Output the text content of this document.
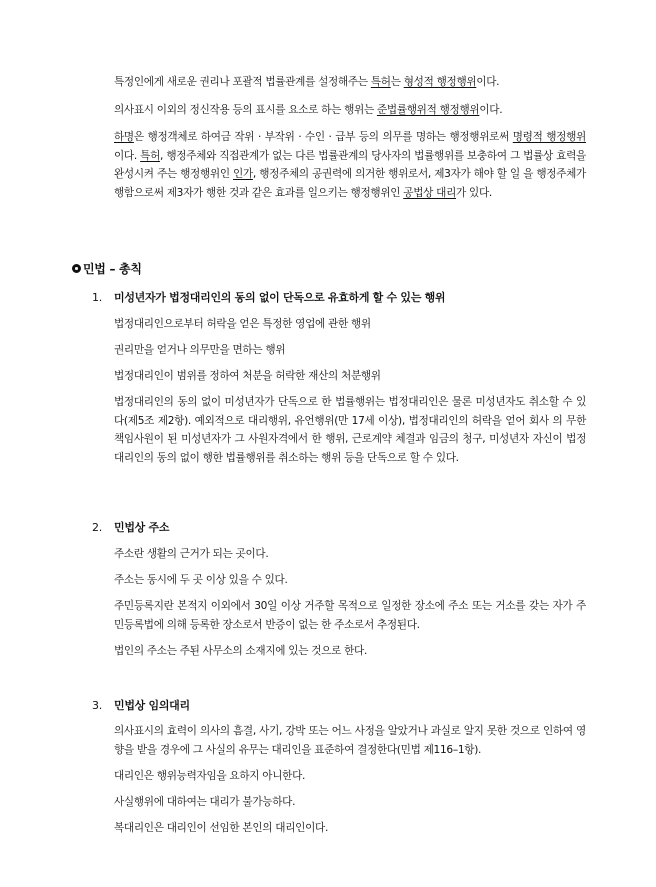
특정인에게 새로운 권리나 포괄적 법률관계를 설정해주는 특허는 형성적 행정행위이다.
의사표시 이외의 정신작용 등의 표시를 요소로 하는 행위는 준법률행위적 행정행위이다.
하명은 행정객체로 하여금 작위 · 부작위 · 수인 · 급부 등의 의무를 명하는 행정행위로써 명령적 행정행위 이다. 특허, 행정주체와 직접관계가 없는 다른 법률관계의 당사자의 법률행위를 보충하여 그 법률상 효력을 완성시켜 주는 행정행위인 인가, 행정주체의 공권력에 의거한 행위로서, 제3자가 해야 할 일 을 행정주체가 행함으로써 제3자가 행한 것과 같은 효과를 일으키는 행정행위인 공법상 대리가 있다.
민법 – 총칙
1. 미성년자가 법정대리인의 동의 없이 단독으로 유효하게 할 수 있는 행위
법정대리인으로부터 허락을 얻은 특정한 영업에 관한 행위
권리만을 얻거나 의무만을 면하는 행위
법정대리인이 범위를 정하여 처분을 허락한 재산의 처분행위
법정대리인의 동의 없이 미성년자가 단독으로 한 법률행위는 법정대리인은 물론 미성년자도 취소할 수 있다(제5조 제2항). 예외적으로 대리행위, 유언행위(만 17세 이상), 법정대리인의 허락을 얻어 회사 의 무한책임사원이 된 미성년자가 그 사원자격에서 한 행위, 근로계약 체결과 임금의 청구, 미성년자 자신이 법정대리인의 동의 없이 행한 법률행위를 취소하는 행위 등을 단독으로 할 수 있다.
2. 민법상 주소
주소란 생활의 근거가 되는 곳이다.
주소는 동시에 두 곳 이상 있을 수 있다.
주민등록지란 본적지 이외에서 30일 이상 거주할 목적으로 일정한 장소에 주소 또는 거소를 갖는 자가 주민등록법에 의해 등록한 장소로서 반증이 없는 한 주소로서 추정된다.
법인의 주소는 주된 사무소의 소재지에 있는 것으로 한다.
3. 민법상 임의대리
의사표시의 효력이 의사의 흠결, 사기, 강박 또는 어느 사정을 알았거나 과실로 알지 못한 것으로 인하여 영향을 받을 경우에 그 사실의 유무는 대리인을 표준하여 결정한다(민법 제116–1항).
대리인은 행위능력자임을 요하지 아니한다.
사실행위에 대하여는 대리가 불가능하다.
복대리인은 대리인이 선임한 본인의 대리인이다.
